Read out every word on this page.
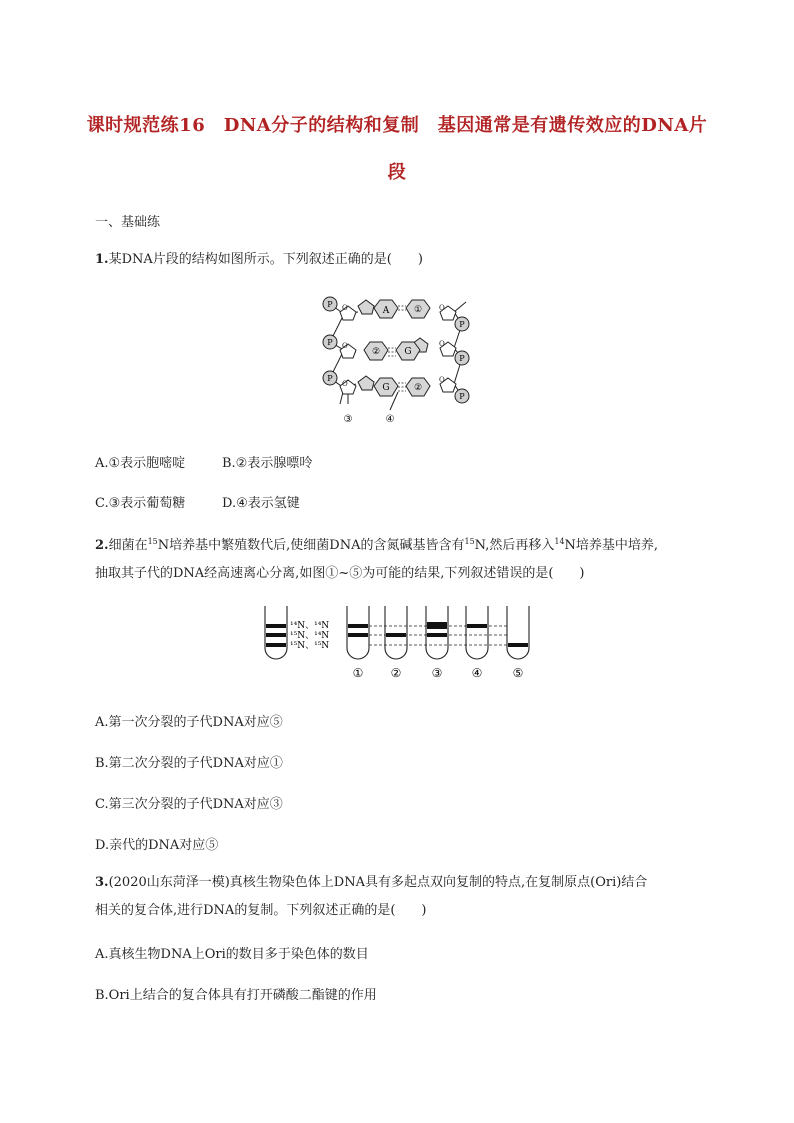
课时规范练16　DNA分子的结构和复制　基因通常是有遗传效应的DNA片
段
一、基础练
1.某DNA片段的结构如图所示。下列叙述正确的是(　　)
P
P
P
P
P
P
A	①
②	G
G	②
O
O
O
O
O
O
③	④
A.①表示胞嘧啶	B.②表示腺嘌呤
C.③表示葡萄糖	D.④表示氢键
2.细菌在$^{15}$N培养基中繁殖数代后,使细菌DNA的含氮碱基皆含有$^{15}$N,然后再移入$^{14}$N培养基中培养,
抽取其子代的DNA经高速离心分离,如图①~⑤为可能的结果,下列叙述错误的是(　　)
¹⁴N、¹⁴N
¹⁵N、¹⁴N
¹⁵N、¹⁵N
① ②	③ ④	⑤
A.第一次分裂的子代DNA对应⑤
B.第二次分裂的子代DNA对应①
C.第三次分裂的子代DNA对应③
D.亲代的DNA对应⑤
3.(2020山东菏泽一模)真核生物染色体上DNA具有多起点双向复制的特点,在复制原点(Ori)结合
相关的复合体,进行DNA的复制。下列叙述正确的是(　　)
A.真核生物DNA上Ori的数目多于染色体的数目
B.Ori上结合的复合体具有打开磷酸二酯键的作用
